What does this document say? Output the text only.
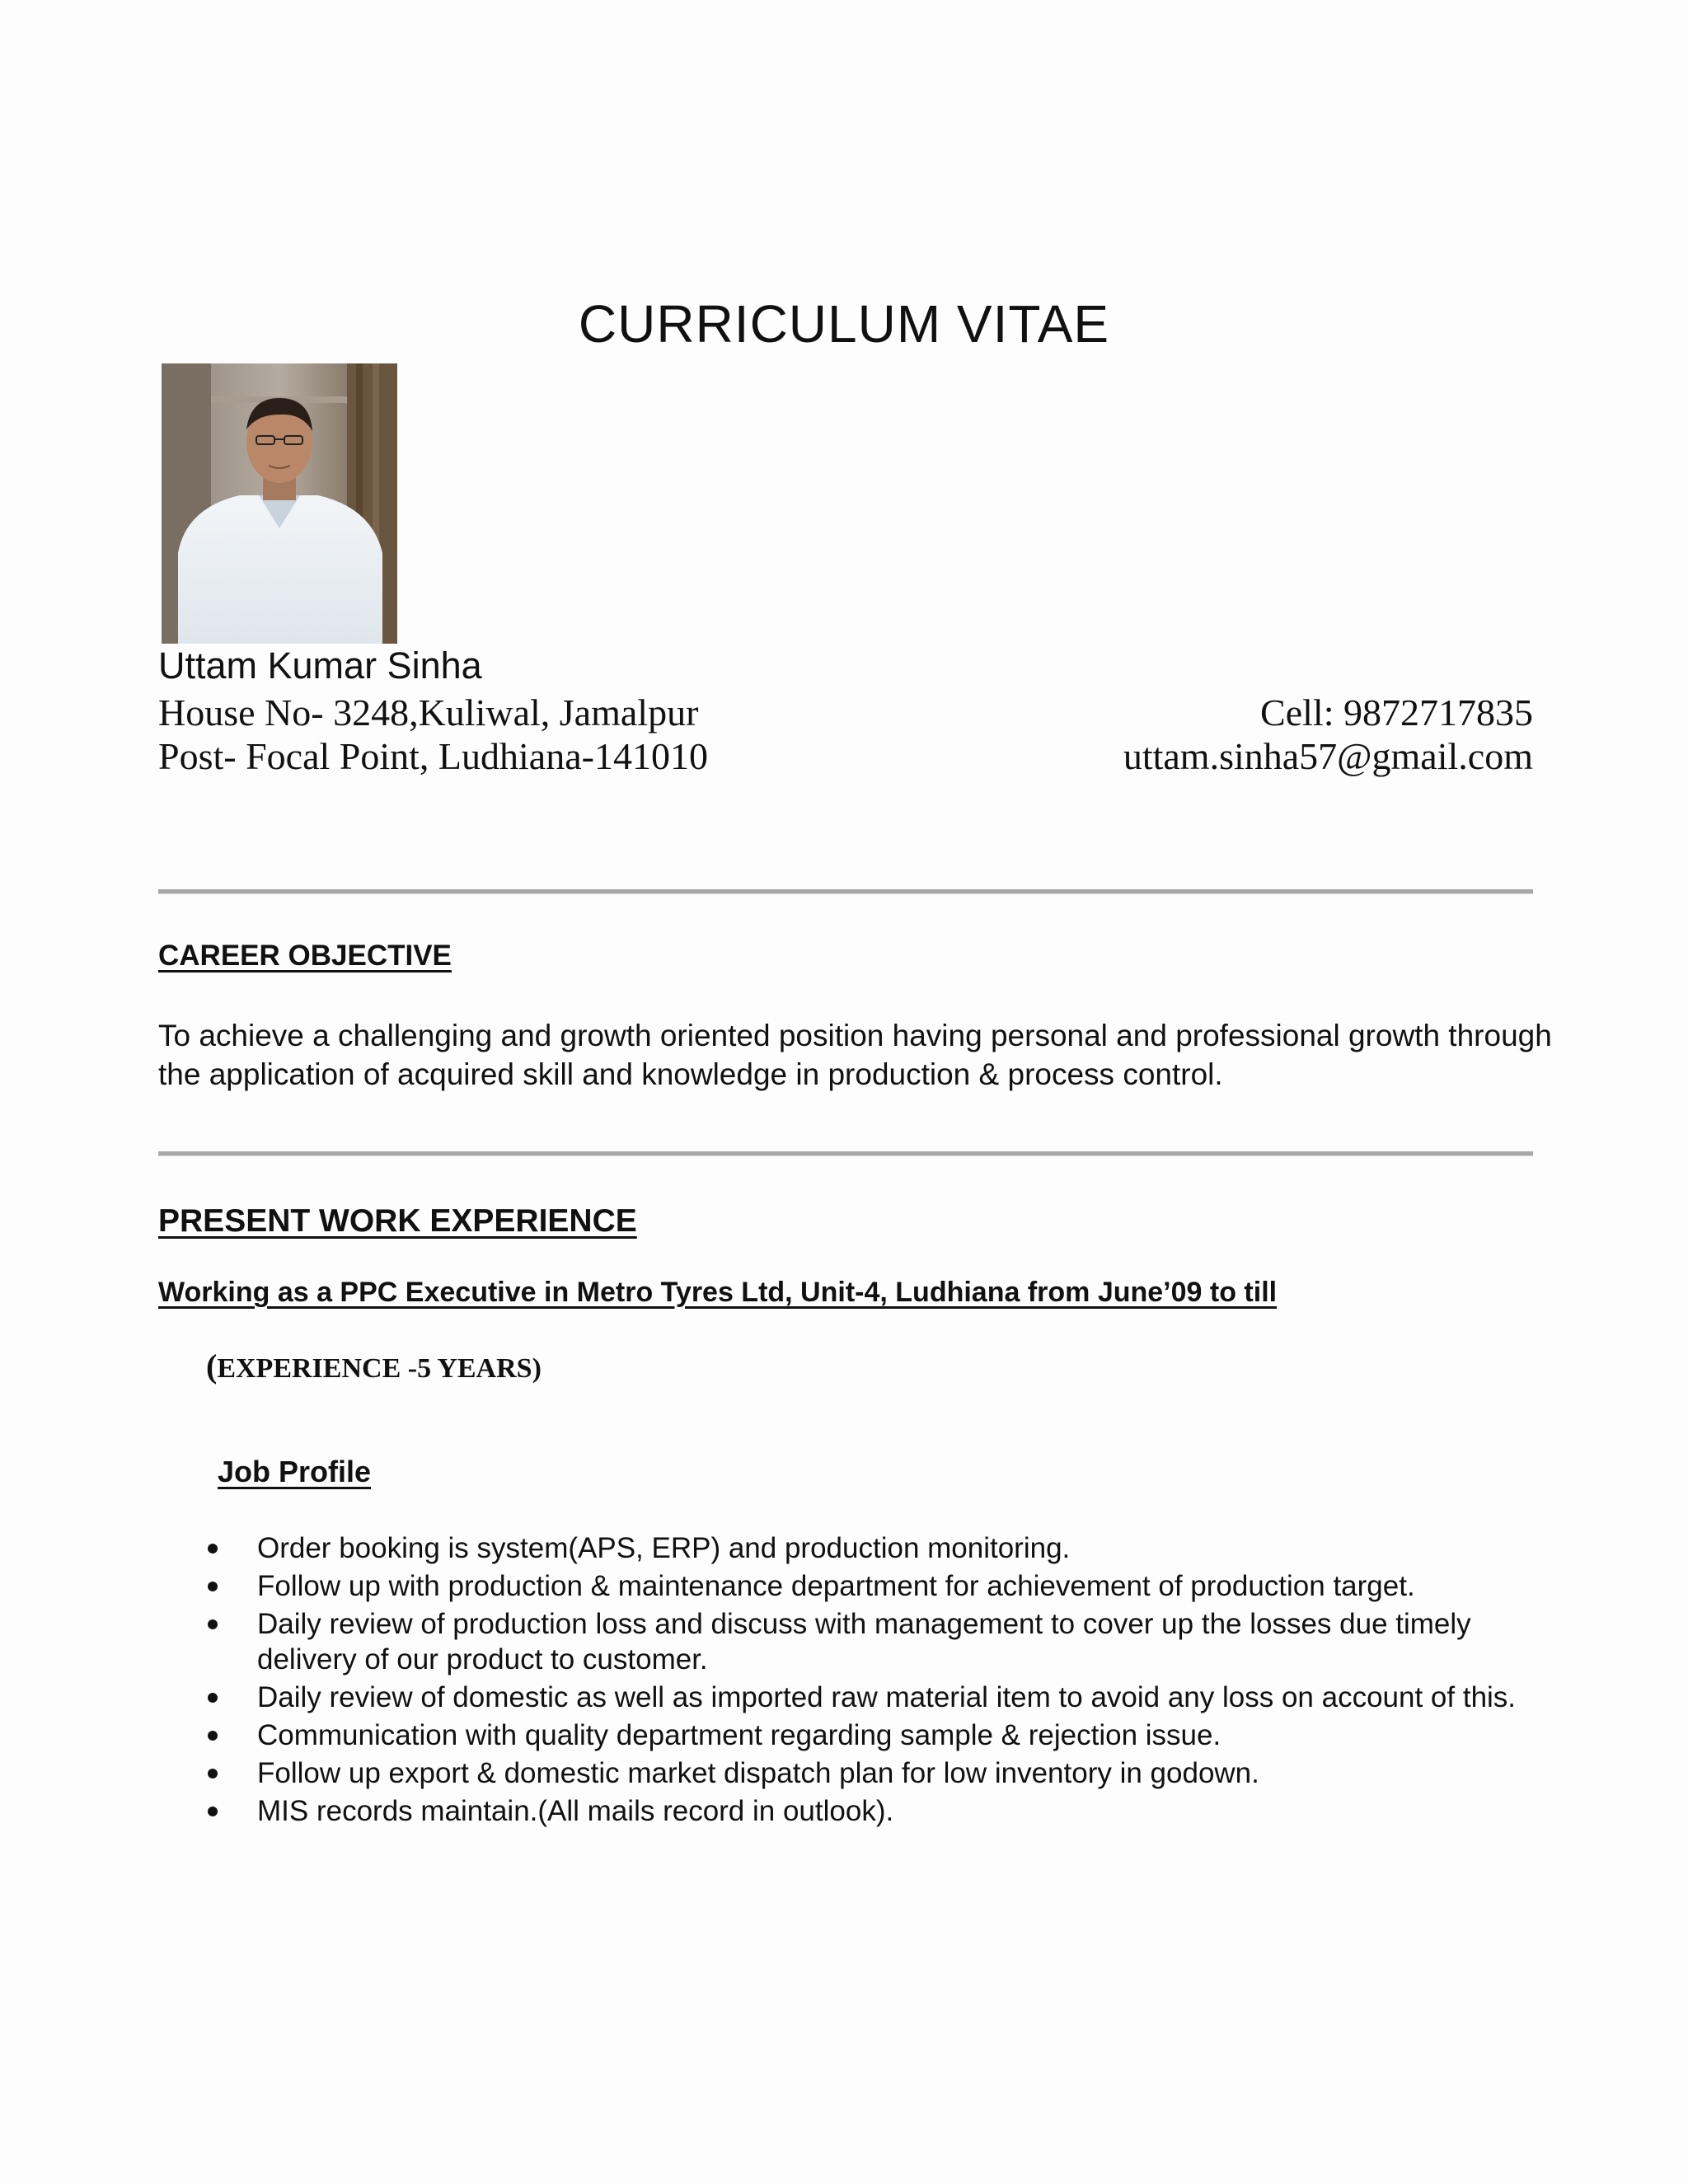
CURRICULUM VITAE
Uttam Kumar Sinha
House No- 3248,Kuliwal, Jamalpur
Post- Focal Point, Ludhiana-141010
Cell: 9872717835
uttam.sinha57@gmail.com
CAREER OBJECTIVE
To achieve a challenging and growth oriented position having personal and professional growth through the application of acquired skill and knowledge in production & process control.
PRESENT WORK EXPERIENCE
Working as a PPC Executive in Metro Tyres Ltd, Unit-4, Ludhiana from June’09 to till
(EXPERIENCE -5 YEARS)
Job Profile
Order booking is system(APS, ERP) and production monitoring.
Follow up with production & maintenance department for achievement of production target.
Daily review of production loss and discuss with management to cover up the losses due timely delivery of our product to customer.
Daily review of domestic as well as imported raw material item to avoid any loss on account of this.
Communication with quality department regarding sample & rejection issue.
Follow up export & domestic market dispatch plan for low inventory in godown.
MIS records maintain.(All mails record in outlook).
